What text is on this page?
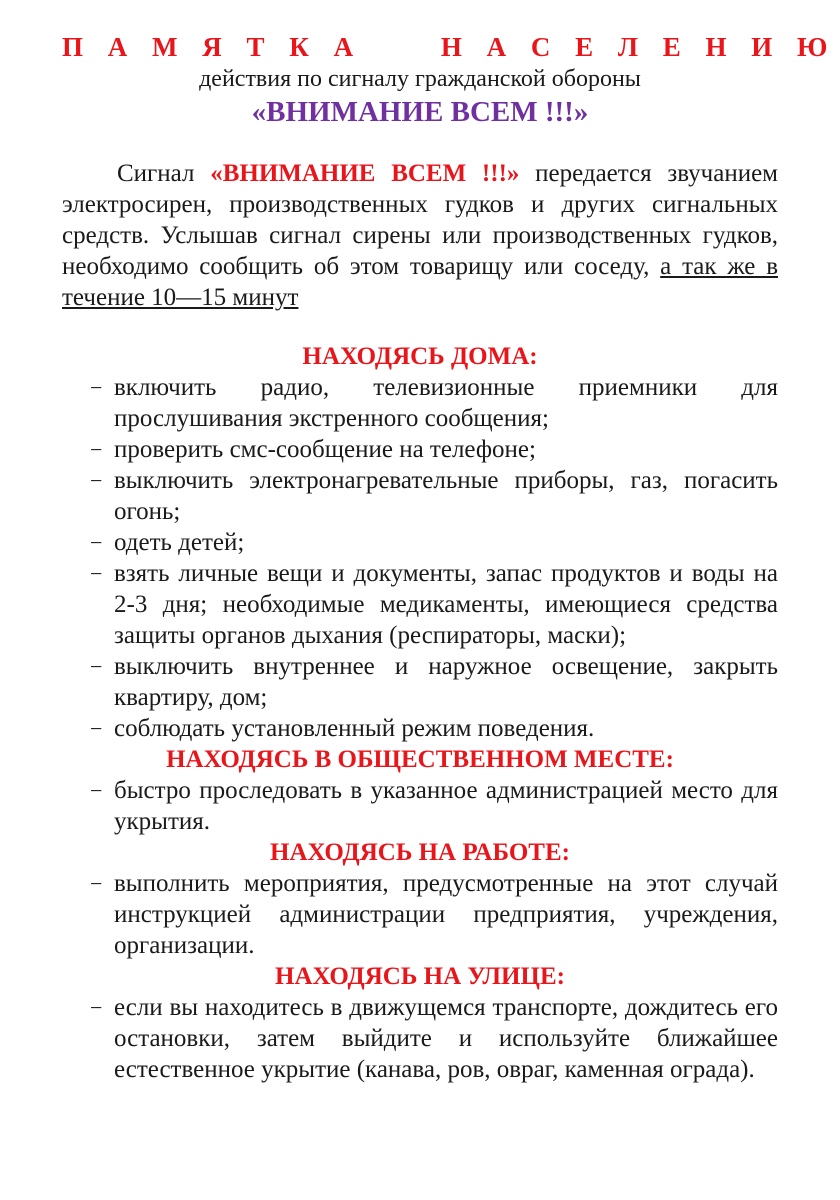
П А М Я Т К А     Н А С Е Л Е Н И Ю

действия по сигналу гражданской обороны

«ВНИМАНИЕ ВСЕМ !!!»

Сигнал «ВНИМАНИЕ ВСЕМ !!!» передается звучанием электросирен, производственных гудков и других сигнальных средств. Услышав сигнал сирены или производственных гудков, необходимо сообщить об этом товарищу или соседу, а так же в течение 10—15 минут

НАХОДЯСЬ ДОМА:

− включить радио, телевизионные приемники для прослушивания экстренного сообщения;
− проверить смс-сообщение на телефоне;
− выключить электронагревательные приборы, газ, погасить огонь;
− одеть детей;
− взять личные вещи и документы, запас продуктов и воды на 2-3 дня; необходимые медикаменты, имеющиеся средства защиты органов дыхания (респираторы, маски);
− выключить внутреннее и наружное освещение, закрыть квартиру, дом;
− соблюдать установленный режим поведения.

НАХОДЯСЬ В ОБЩЕСТВЕННОМ МЕСТЕ:

− быстро проследовать в указанное администрацией место для укрытия.

НАХОДЯСЬ НА РАБОТЕ:

− выполнить мероприятия, предусмотренные на этот случай инструкцией администрации предприятия, учреждения, организации.

НАХОДЯСЬ НА УЛИЦЕ:

− если вы находитесь в движущемся транспорте, дождитесь его остановки, затем выйдите и используйте ближайшее естественное укрытие (канава, ров, овраг, каменная ограда).
